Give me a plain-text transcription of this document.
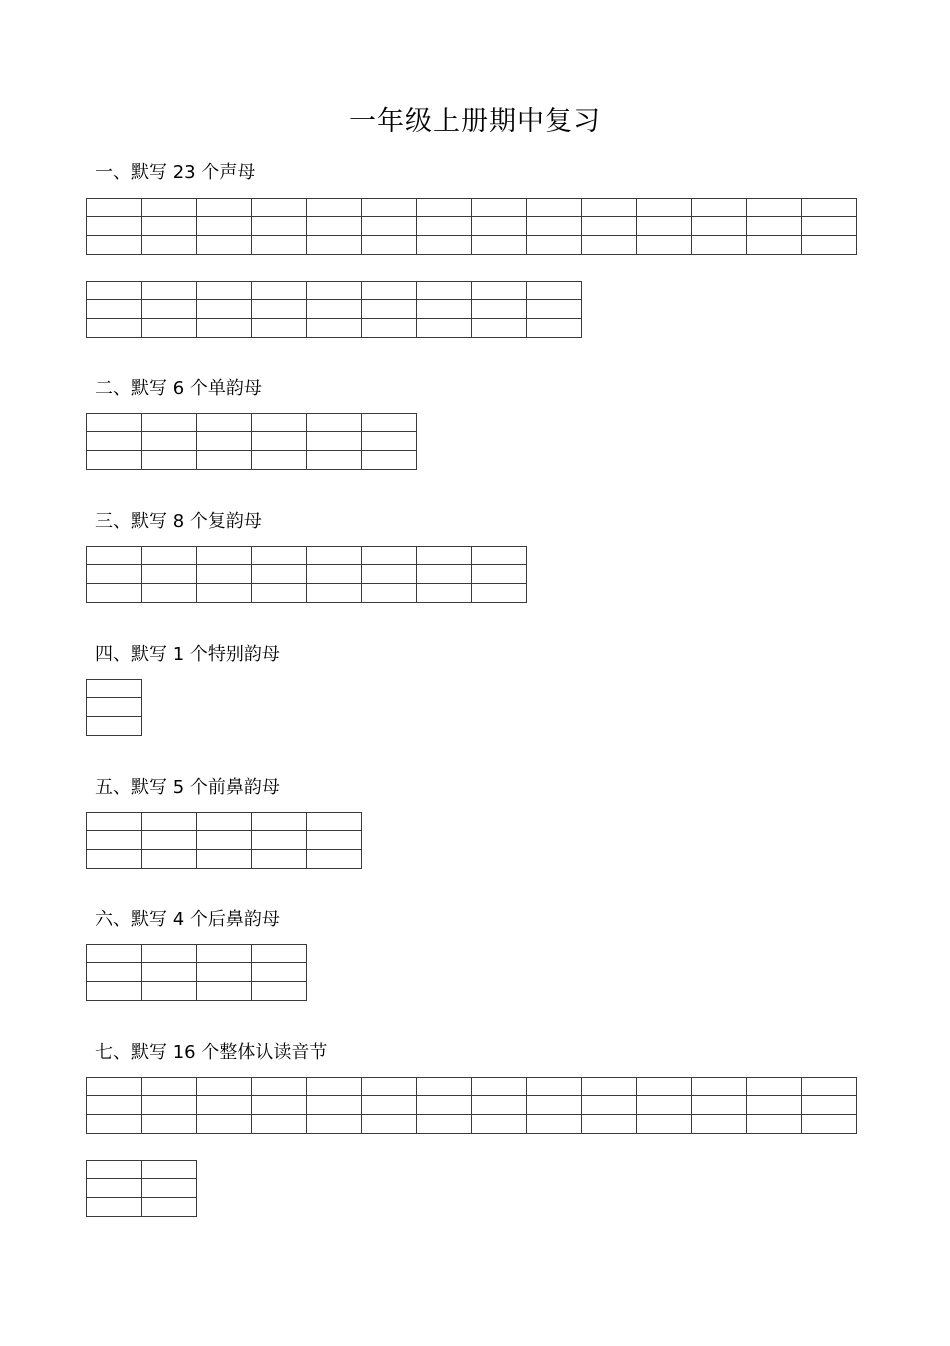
一年级上册期中复习
一、默写 23 个声母

二、默写 6 个单韵母

三、默写 8 个复韵母

四、默写 1 个特别韵母

五、默写 5 个前鼻韵母

六、默写 4 个后鼻韵母

七、默写 16 个整体认读音节
